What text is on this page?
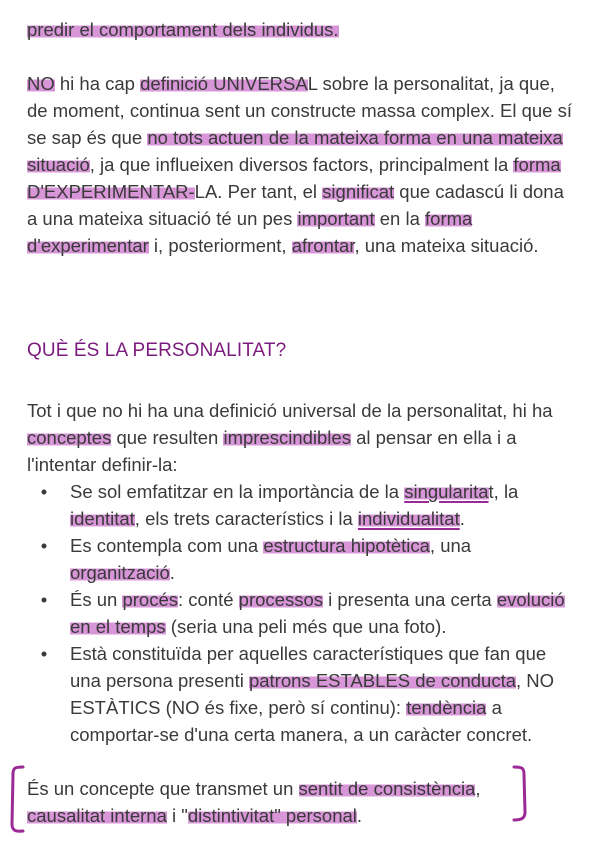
predir el comportament dels individus.

NO hi ha cap definició UNIVERSAL sobre la personalitat, ja que, de moment, continua sent un constructe massa complex. El que sí se sap és que no tots actuen de la mateixa forma en una mateixa situació, ja que influeixen diversos factors, principalment la forma D'EXPERIMENTAR-LA. Per tant, el significat que cadascú li dona a una mateixa situació té un pes important en la forma d'experimentar i, posteriorment, afrontar, una mateixa situació.

QUÈ ÉS LA PERSONALITAT?

Tot i que no hi ha una definició universal de la personalitat, hi ha conceptes que resulten imprescindibles al pensar en ella i a l'intentar definir-la:

• Se sol emfatitzar en la importància de la singularitat, la identitat, els trets característics i la individualitat.
• Es contempla com una estructura hipotètica, una organització.
• És un procés: conté processos i presenta una certa evolució en el temps (seria una peli més que una foto).
• Està constituïda per aquelles característiques que fan que una persona presenti patrons ESTABLES de conducta, NO ESTÀTICS (NO és fixe, però sí continu): tendència a comportar-se d'una certa manera, a un caràcter concret.

És un concepte que transmet un sentit de consistència, causalitat interna i "distintivitat" personal.
